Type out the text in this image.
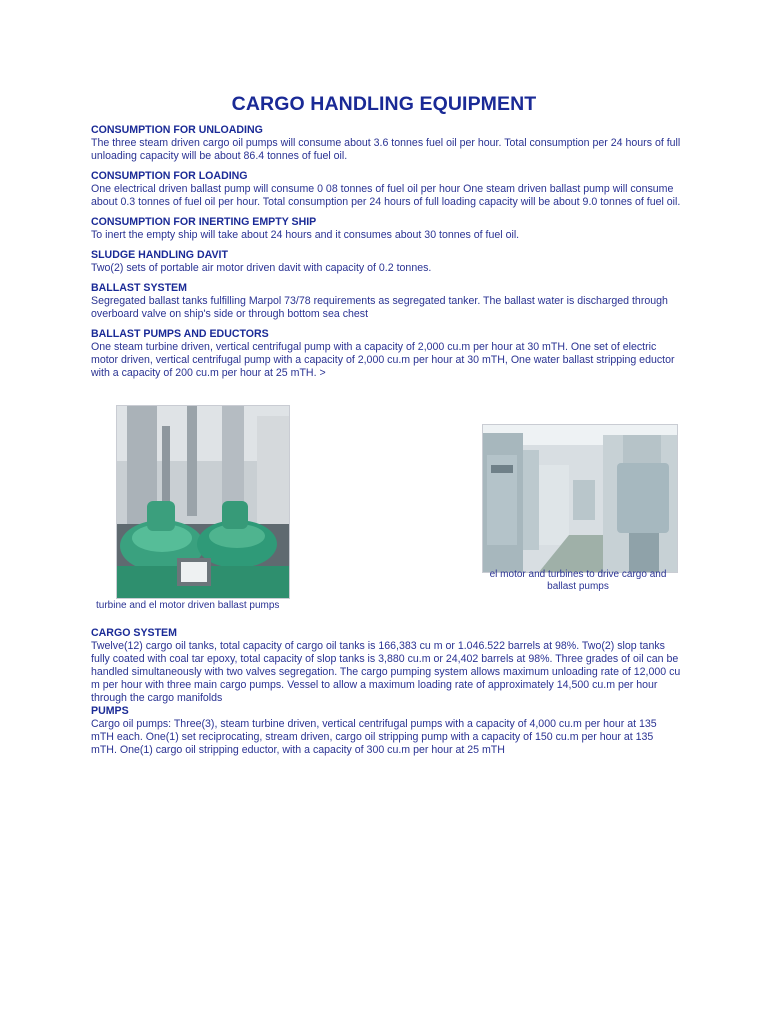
CARGO HANDLING EQUIPMENT
CONSUMPTION FOR UNLOADING
The three steam driven cargo oil pumps will consume about 3.6 tonnes fuel oil per hour. Total consumption per 24 hours of full unloading capacity will be about 86.4 tonnes of fuel oil.
CONSUMPTION FOR LOADING
One electrical driven ballast pump will consume 0 08 tonnes of fuel oil per hour One steam driven ballast pump will consume about 0.3 tonnes of fuel oil per hour. Total consumption per 24 hours of full loading capacity will be about 9.0 tonnes of fuel oil.
CONSUMPTION FOR INERTING EMPTY SHIP
To inert the empty ship will take about 24 hours and it consumes about 30 tonnes of fuel oil.
SLUDGE HANDLING DAVIT
Two(2) sets of portable air motor driven davit with capacity of 0.2 tonnes.
BALLAST SYSTEM
Segregated ballast tanks fulfilling Marpol 73/78 requirements as segregated tanker. The ballast water is discharged through overboard valve on ship's side or through bottom sea chest
BALLAST PUMPS AND EDUCTORS
One steam turbine driven, vertical centrifugal pump with a capacity of 2,000 cu.m per hour at 30 mTH. One set of electric motor driven, vertical centrifugal pump with a capacity of 2,000 cu.m per hour at 30 mTH, One water ballast stripping eductor with a capacity of 200 cu.m per hour at 25 mTH. >
turbine and el motor driven ballast pumps
el motor and turbines to drive cargo and ballast pumps
CARGO SYSTEM
Twelve(12) cargo oil tanks, total capacity of cargo oil tanks is 166,383 cu m or 1.046.522 barrels at 98%. Two(2) slop tanks fully coated with coal tar epoxy, total capacity of slop tanks is 3,880 cu.m or 24,402 barrels at 98%. Three grades of oil can be handled simultaneously with two valves segregation. The cargo pumping system allows maximum unloading rate of 12,000 cu m per hour with three main cargo pumps. Vessel to allow a maximum loading rate of approximately 14,500 cu.m per hour through the cargo manifolds
PUMPS
Cargo oil pumps: Three(3), steam turbine driven, vertical centrifugal pumps with a capacity of 4,000 cu.m per hour at 135 mTH each. One(1) set reciprocating, stream driven, cargo oil stripping pump with a capacity of 150 cu.m per hour at 135 mTH. One(1) cargo oil stripping eductor, with a capacity of 300 cu.m per hour at 25 mTH
